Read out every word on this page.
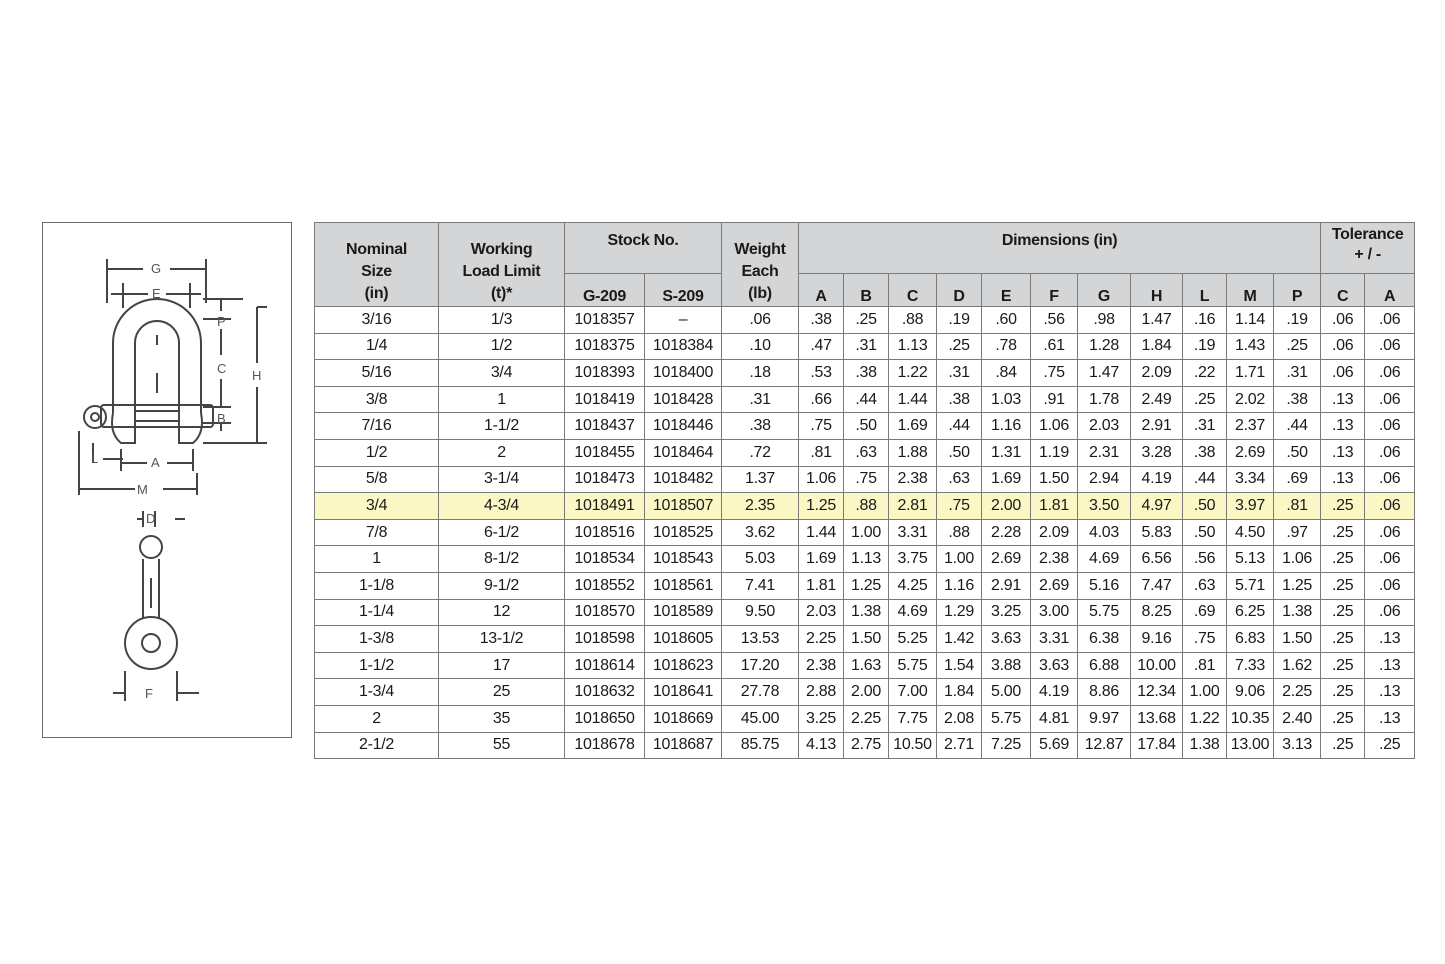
G
E
P
C H
B
L	A
M
D
F
Nominal
Size
(in)	Working
Load Limit
(t)*	Stock No.		Weight
Each
(lb)	Dimensions (in)											Tolerance
+ / -	

		G-209	S-209		A	B	C	D	E	F	G	H	L	M	P	C	A
3/16	1/3	1018357	–	.06	.38	.25	.88	.19	.60	.56	.98	1.47	.16	1.14	.19	.06	.06
1/4	1/2	1018375	1018384	.10	.47	.31	1.13	.25	.78	.61	1.28	1.84	.19	1.43	.25	.06	.06
5/16	3/4	1018393	1018400	.18	.53	.38	1.22	.31	.84	.75	1.47	2.09	.22	1.71	.31	.06	.06
3/8	1	1018419	1018428	.31	.66	.44	1.44	.38	1.03	.91	1.78	2.49	.25	2.02	.38	.13	.06
7/16	1-1/2	1018437	1018446	.38	.75	.50	1.69	.44	1.16	1.06	2.03	2.91	.31	2.37	.44	.13	.06
1/2	2	1018455	1018464	.72	.81	.63	1.88	.50	1.31	1.19	2.31	3.28	.38	2.69	.50	.13	.06
5/8	3-1/4	1018473	1018482	1.37	1.06	.75	2.38	.63	1.69	1.50	2.94	4.19	.44	3.34	.69	.13	.06
3/4	4-3/4	1018491	1018507	2.35	1.25	.88	2.81	.75	2.00	1.81	3.50	4.97	.50	3.97	.81	.25	.06
7/8	6-1/2	1018516	1018525	3.62	1.44	1.00	3.31	.88	2.28	2.09	4.03	5.83	.50	4.50	.97	.25	.06
1	8-1/2	1018534	1018543	5.03	1.69	1.13	3.75	1.00	2.69	2.38	4.69	6.56	.56	5.13	1.06	.25	.06
1-1/8	9-1/2	1018552	1018561	7.41	1.81	1.25	4.25	1.16	2.91	2.69	5.16	7.47	.63	5.71	1.25	.25	.06
1-1/4	12	1018570	1018589	9.50	2.03	1.38	4.69	1.29	3.25	3.00	5.75	8.25	.69	6.25	1.38	.25	.06
1-3/8	13-1/2	1018598	1018605	13.53	2.25	1.50	5.25	1.42	3.63	3.31	6.38	9.16	.75	6.83	1.50	.25	.13
1-1/2	17	1018614	1018623	17.20	2.38	1.63	5.75	1.54	3.88	3.63	6.88	10.00	.81	7.33	1.62	.25	.13
1-3/4	25	1018632	1018641	27.78	2.88	2.00	7.00	1.84	5.00	4.19	8.86	12.34	1.00	9.06	2.25	.25	.13
2	35	1018650	1018669	45.00	3.25	2.25	7.75	2.08	5.75	4.81	9.97	13.68	1.22	10.35	2.40	.25	.13
2-1/2	55	1018678	1018687	85.75	4.13	2.75	10.50	2.71	7.25	5.69	12.87	17.84	1.38	13.00	3.13	.25	.25
